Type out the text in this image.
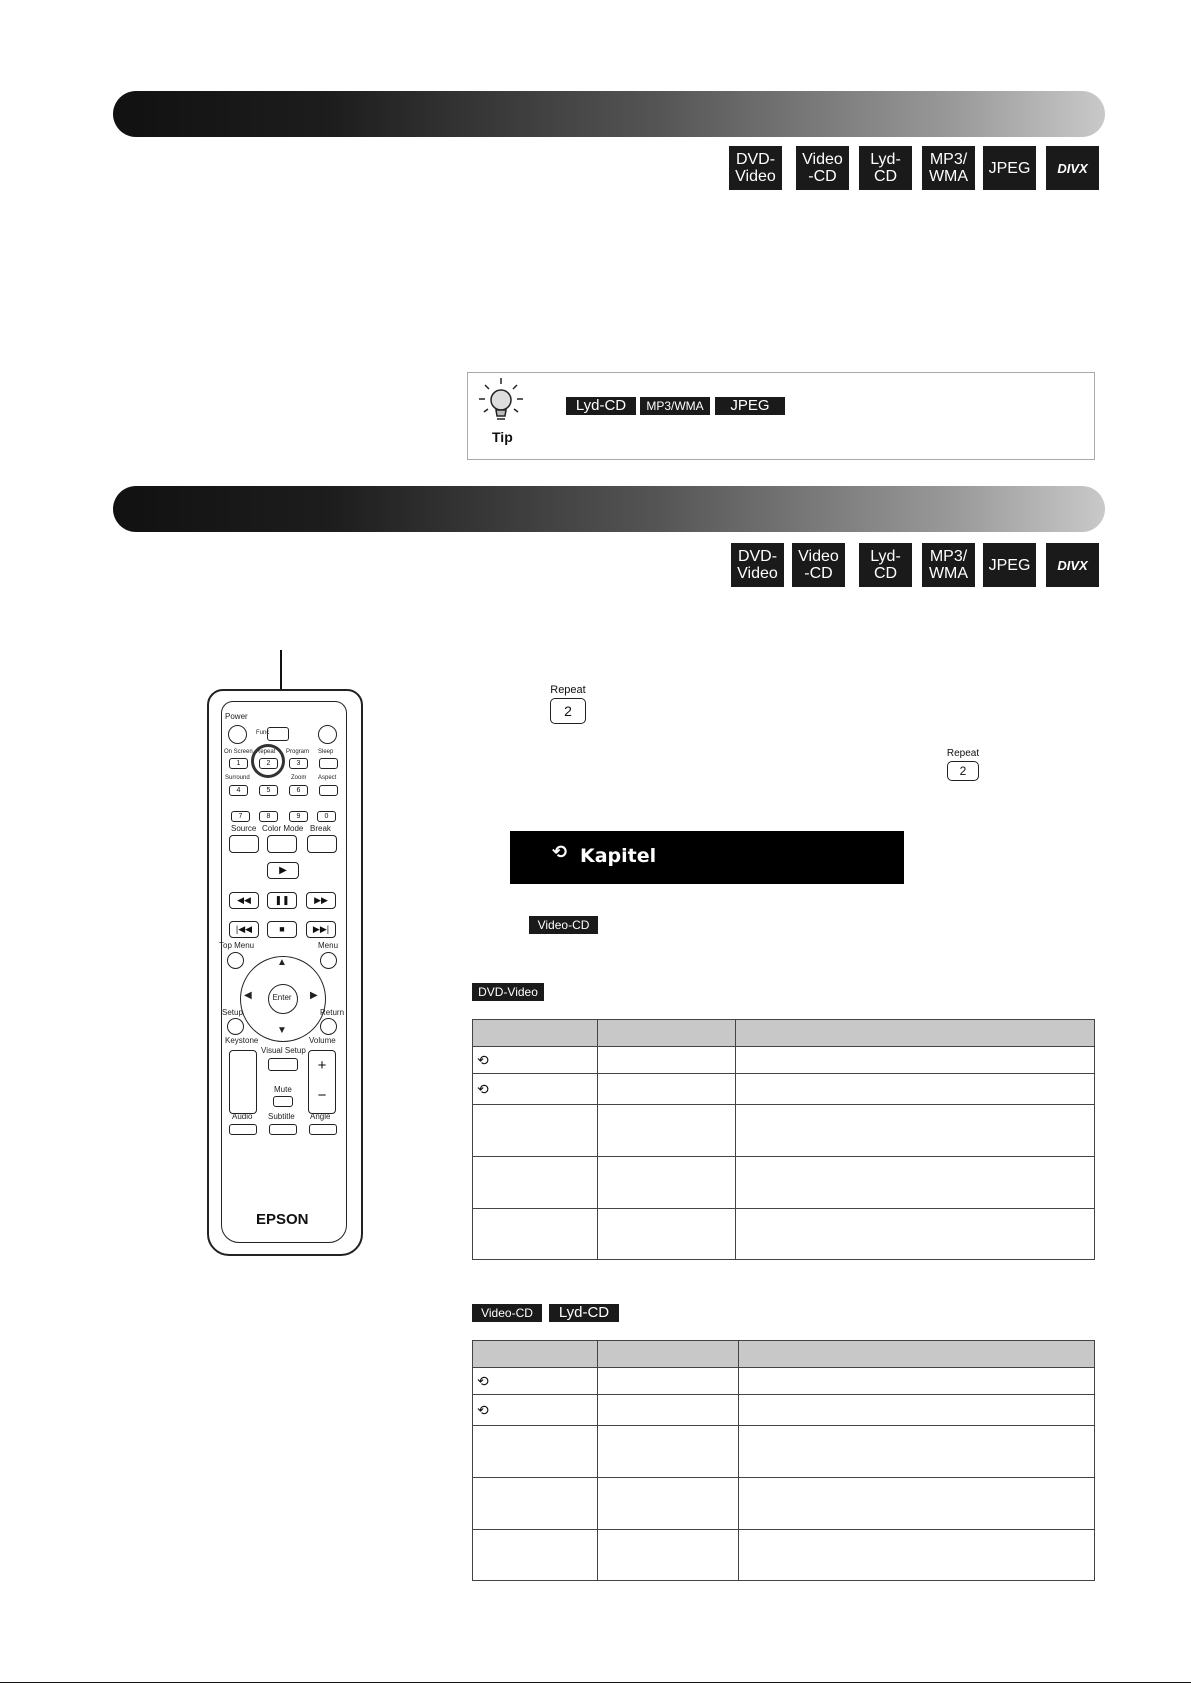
DVD-
Video
Video
-CD
Lyd-
CD
MP3/
WMA	JPEG	DIVX
Tip
Lyd-CD	MP3/WMA	JPEG
DVD-
Video
Video
-CD
Lyd-
CD
MP3/
WMA	JPEG	DIVX
Power
Func
On Screen Repeat Program Sleep
1	2	3
Surround	Zoom Aspect
4	5	6
7	8	9	0
Source Color Mode Break
▶
◀◀	❚❚	▶▶
|◀◀	■	▶▶|
Top Menu	Menu
Enter
▲
▼
◀	▶
Setup	Return
Keystone	Volume
Visual Setup
+
−
Mute
Audio Subtitle Angle
EPSON
Repeat
2
Repeat
2
⟲ Kapitel
Video-CD
DVD-Video

⟲		
⟲		

Video-CD	Lyd-CD

⟲		
⟲		
